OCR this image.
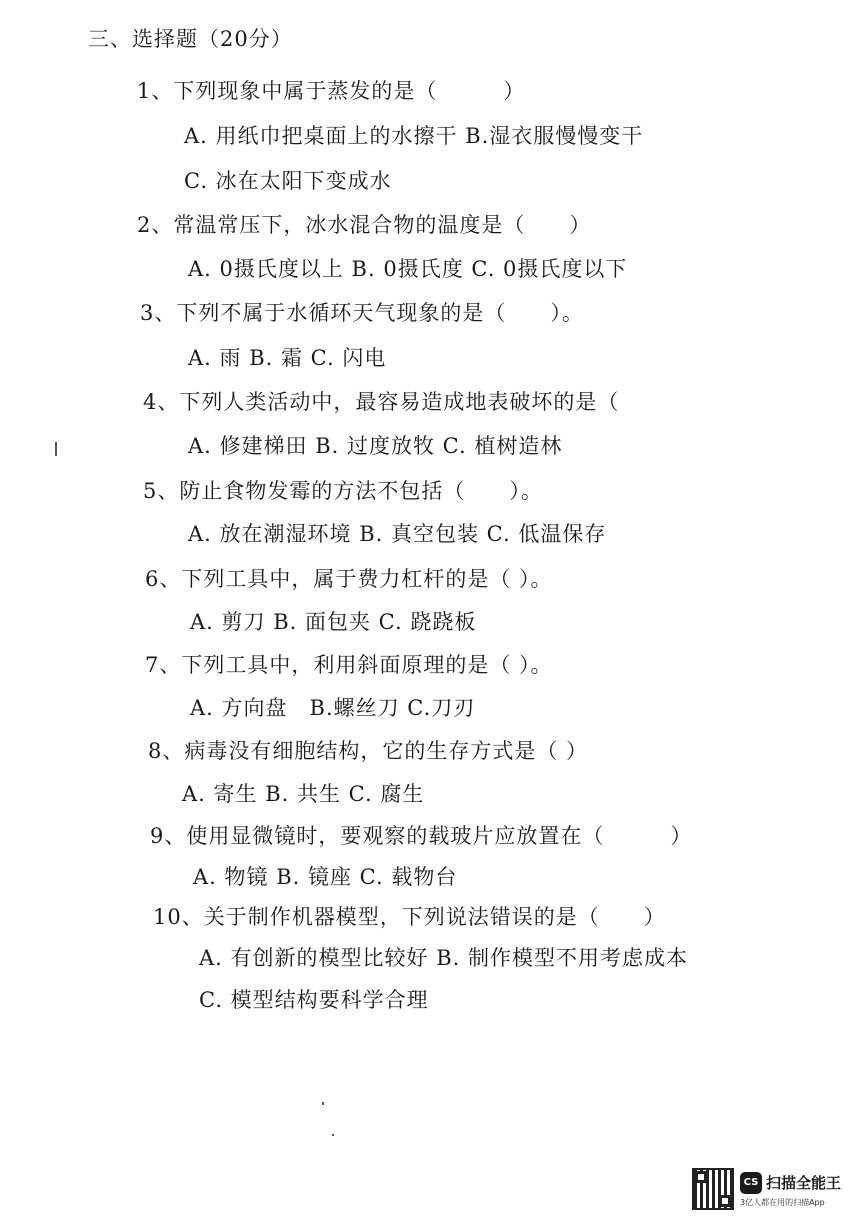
三、选择题（20分）
1、下列现象中属于蒸发的是（　　　）
A. 用纸巾把桌面上的水擦干 B.湿衣服慢慢变干
C. 冰在太阳下变成水
2、常温常压下，冰水混合物的温度是（　　）
A. 0摄氏度以上 B. 0摄氏度 C. 0摄氏度以下
3、下列不属于水循环天气现象的是（　　）。
A. 雨 B. 霜 C. 闪电
4、下列人类活动中，最容易造成地表破坏的是（
A. 修建梯田 B. 过度放牧 C. 植树造林
5、防止食物发霉的方法不包括（　　）。
A. 放在潮湿环境 B. 真空包装 C. 低温保存
6、下列工具中，属于费力杠杆的是（ ）。
A. 剪刀 B. 面包夹 C. 跷跷板
7、下列工具中，利用斜面原理的是（ ）。
A. 方向盘　B.螺丝刀 C.刀刃
8、病毒没有细胞结构，它的生存方式是（ ）
A. 寄生 B. 共生 C. 腐生
9、使用显微镜时，要观察的载玻片应放置在（　　　）
A. 物镜 B. 镜座 C. 载物台
10、关于制作机器模型，下列说法错误的是（　　）
A. 有创新的模型比较好 B. 制作模型不用考虑成本
C. 模型结构要科学合理
CS 扫描全能王
3亿人都在用的扫描App
